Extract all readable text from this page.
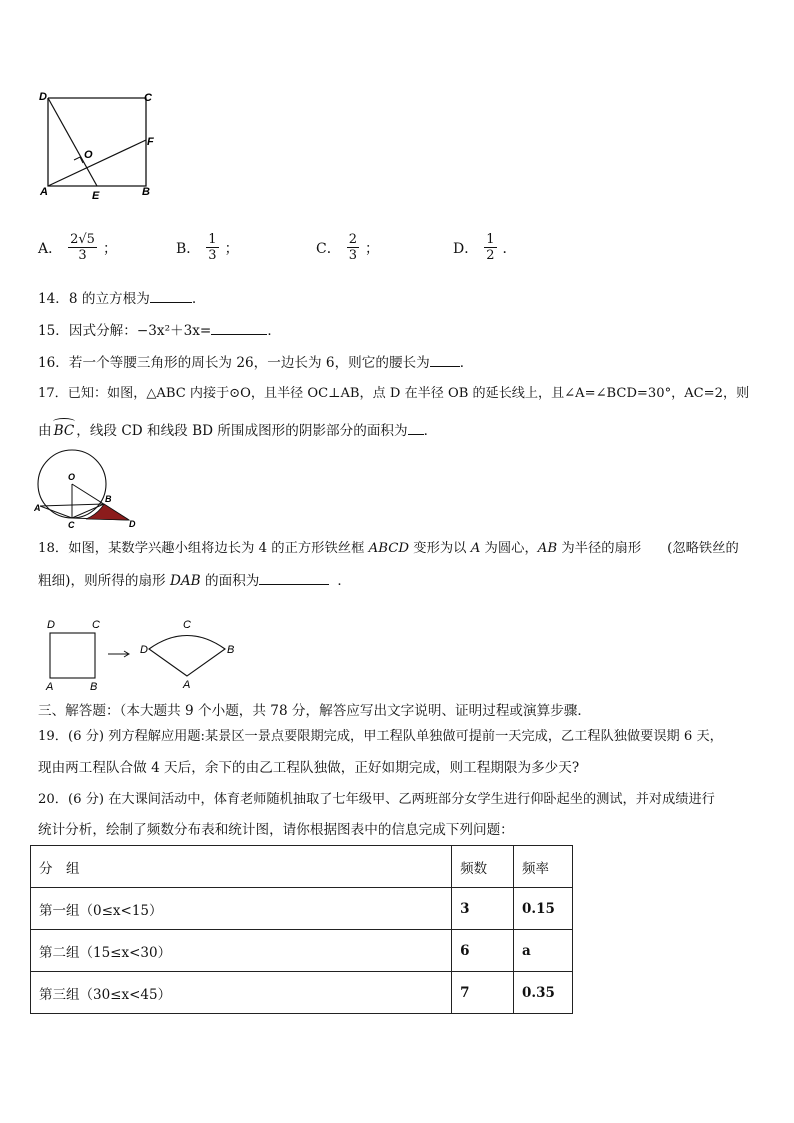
D	C
F
O
A	E	B
A． $\frac{2√5}{3}$ ；	B． $\frac{1}{3}$ ；	C． $\frac{2}{3}$ ；	D． $\frac{1}{2}$ ．
14．8 的立方根为	.
15．因式分解：−3x²＋3x=	．
16．若一个等腰三角形的周长为 26，一边长为 6，则它的腰长为 ．
17．已知：如图，△ABC 内接于⊙O，且半径 OC⊥AB，点 D 在半径 OB 的延长线上，且∠A=∠BCD=30°，AC=2，则
由 BC ，线段 CD 和线段 BD 所围成图形的阴影部分的面积为 ．
O
A
B
C	D
18．如图，某数学兴趣小组将边长为 4 的正方形铁丝框 ABCD 变形为以 A 为圆心，AB 为半径的扇形 (忽略铁丝的
粗细)，则所得的扇形 DAB 的面积为	．
D	C
A	B
C
D	B
A
三、解答题：（本大题共 9 个小题，共 78 分，解答应写出文字说明、证明过程或演算步骤．
19．(6 分) 列方程解应用题:某景区一景点要限期完成，甲工程队单独做可提前一天完成，乙工程队独做要误期 6 天，
现由两工程队合做 4 天后，余下的由乙工程队独做，正好如期完成，则工程期限为多少天?
20．(6 分) 在大课间活动中，体育老师随机抽取了七年级甲、乙两班部分女学生进行仰卧起坐的测试，并对成绩进行
统计分析，绘制了频数分布表和统计图，请你根据图表中的信息完成下列问题：
分　组	频数	频率
第一组（0≤x<15）	3	0.15
第二组（15≤x<30）	6	a
第三组（30≤x<45）	7	0.35
